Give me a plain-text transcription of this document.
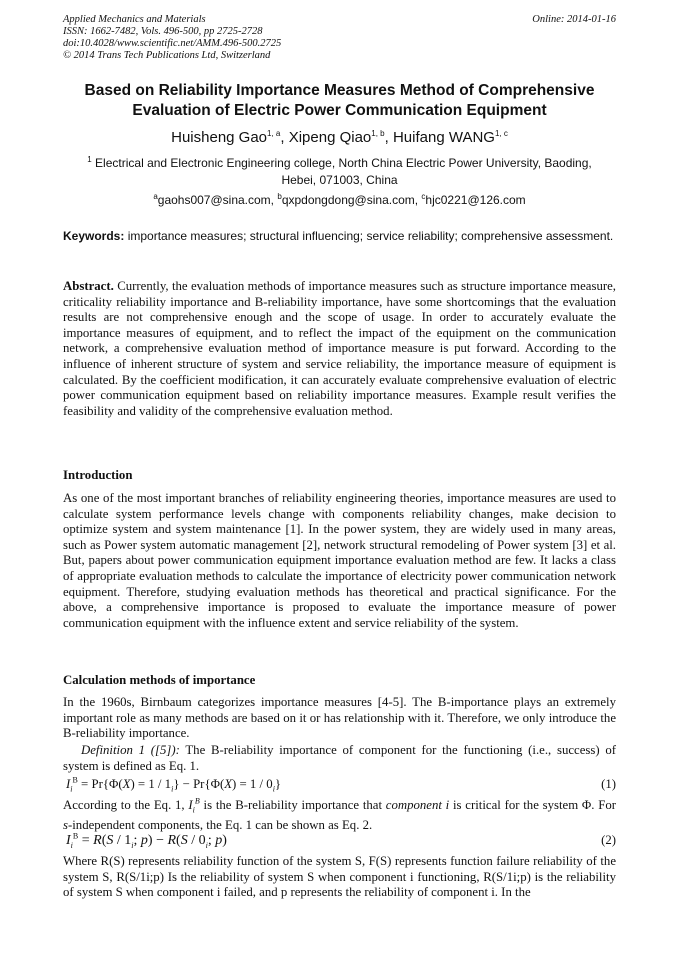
Applied Mechanics and Materials
ISSN: 1662-7482, Vols. 496-500, pp 2725-2728
doi:10.4028/www.scientific.net/AMM.496-500.2725
© 2014 Trans Tech Publications Ltd, Switzerland
Online: 2014-01-16
Based on Reliability Importance Measures Method of Comprehensive
Evaluation of Electric Power Communication Equipment
Huisheng Gao$^{1, a}$, Xipeng Qiao$^{1, b}$, Huifang WANG$^{1, c}$
$^1$ Electrical and Electronic Engineering college, North China Electric Power University, Baoding,
Hebei, 071003, China
$^a$gaohs007@sina.com, $^b$qxpdongdong@sina.com, $^c$hjc0221@126.com
Keywords: importance measures; structural influencing; service reliability; comprehensive assessment.
Abstract. Currently, the evaluation methods of importance measures such as structure importance measure, criticality reliability importance and B-reliability importance, have some shortcomings that the evaluation results are not comprehensive enough and the scope of usage. In order to accurately evaluate the importance measures of equipment, and to reflect the impact of the equipment on the communication network, a comprehensive evaluation method of importance measure is put forward. According to the influence of inherent structure of system and service reliability, the importance measure of equipment is calculated. By the coefficient modification, it can accurately evaluate comprehensive evaluation of electric power communication equipment based on reliability importance measures. Example result verifies the feasibility and validity of the comprehensive evaluation method.
Introduction
As one of the most important branches of reliability engineering theories, importance measures are used to calculate system performance levels change with components reliability changes, make decision to optimize system and system maintenance [1]. In the power system, they are widely used in many areas, such as Power system automatic management [2], network structural remodeling of Power system [3] et al. But, papers about power communication equipment importance evaluation method are few. It lacks a class of appropriate evaluation methods to calculate the importance of electricity power communication network equipment. Therefore, studying evaluation methods has theoretical and practical significance. For the above, a comprehensive importance is proposed to evaluate the importance measure of power communication equipment with the influence extent and service reliability of the system.
Calculation methods of importance
In the 1960s, Birnbaum categorizes importance measures [4-5]. The B-importance plays an extremely important role as many methods are based on it or has relationship with it. Therefore, we only introduce the B-reliability importance.
Definition 1 ([5]): The B-reliability importance of component for the functioning (i.e., success) of system is defined as Eq. 1.
$I_i^B = Pr\{\Phi(X) = 1 / 1_i\} - Pr\{\Phi(X) = 1 / 0_i\}$	(1)
According to the Eq. 1, $I_i^B$ is the B-reliability importance that component i is critical for the system Φ. For s-independent components, the Eq. 1 can be shown as Eq. 2.
$I_i^B = R(S / 1_i$; $p) - R(S / 0_i$; p)	(2)
Where R(S) represents reliability function of the system S, F(S) represents function failure reliability of the system S, R(S/1i;p) Is the reliability of system S when component i functioning, R(S/1i;p) is the reliability of system S when component i failed, and p represents the reliability of component i. In the
